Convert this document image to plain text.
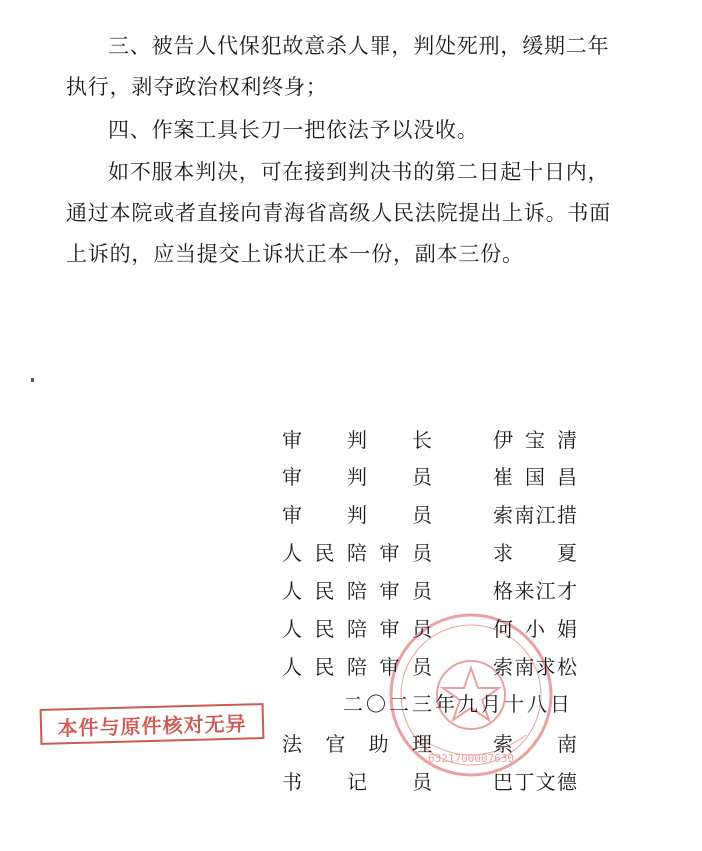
三、被告人代保犯故意杀人罪，判处死刑，缓期二年执行，剥夺政治权利终身；

四、作案工具长刀一把依法予以没收。

如不服本判决，可在接到判决书的第二日起十日内，通过本院或者直接向青海省高级人民法院提出上诉。书面上诉的，应当提交上诉状正本一份，副本三份。

6321700007630
审 判 长	伊 宝 清
审 判 员	崔 国 昌
审 判 员	索 南 江 措
人 民 陪 审 员	求 夏
人 民 陪 审 员	格 来 江 才
人 民 陪 审 员	何 小 娟
人 民 陪 审 员	索 南 求 松
法 官 助 理	索 南
书 记 员	巴 丁 文 德
二〇二三年九月十八日
本件与原件核对无异
